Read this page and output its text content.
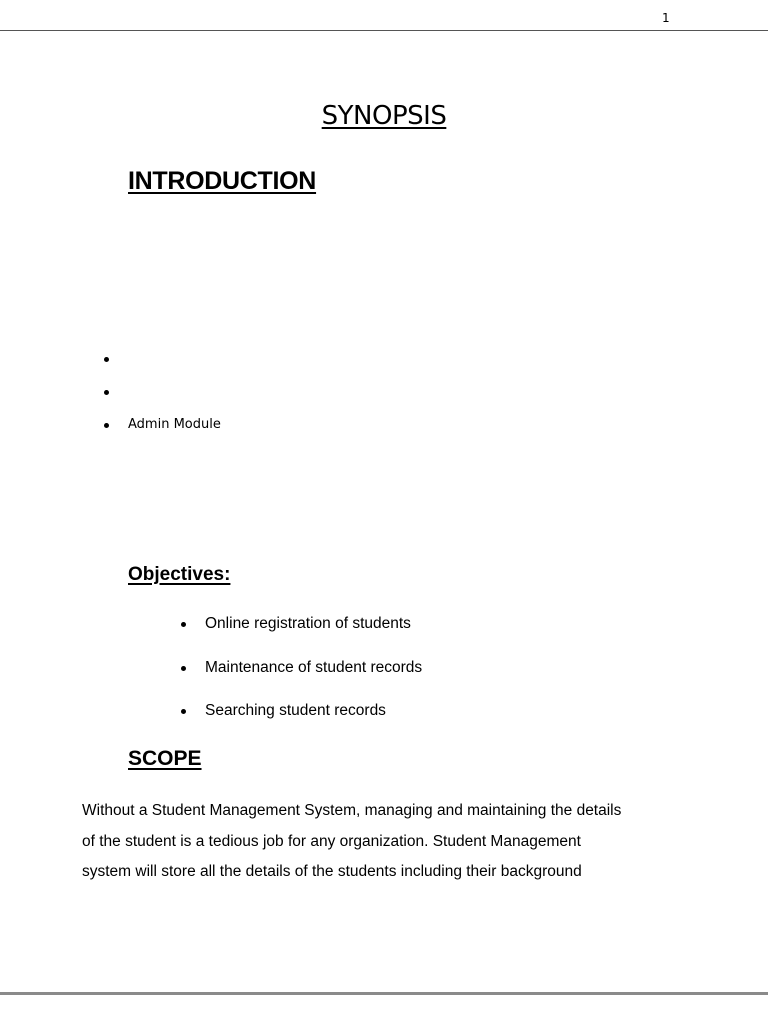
1
SYNOPSIS
INTRODUCTION
Admin Module
Objectives:
Online registration of students
Maintenance of student records
Searching student records
SCOPE
Without a Student Management System, managing and maintaining the details
of the student is a tedious job for any organization. Student Management
system will store all the details of the students including their background
